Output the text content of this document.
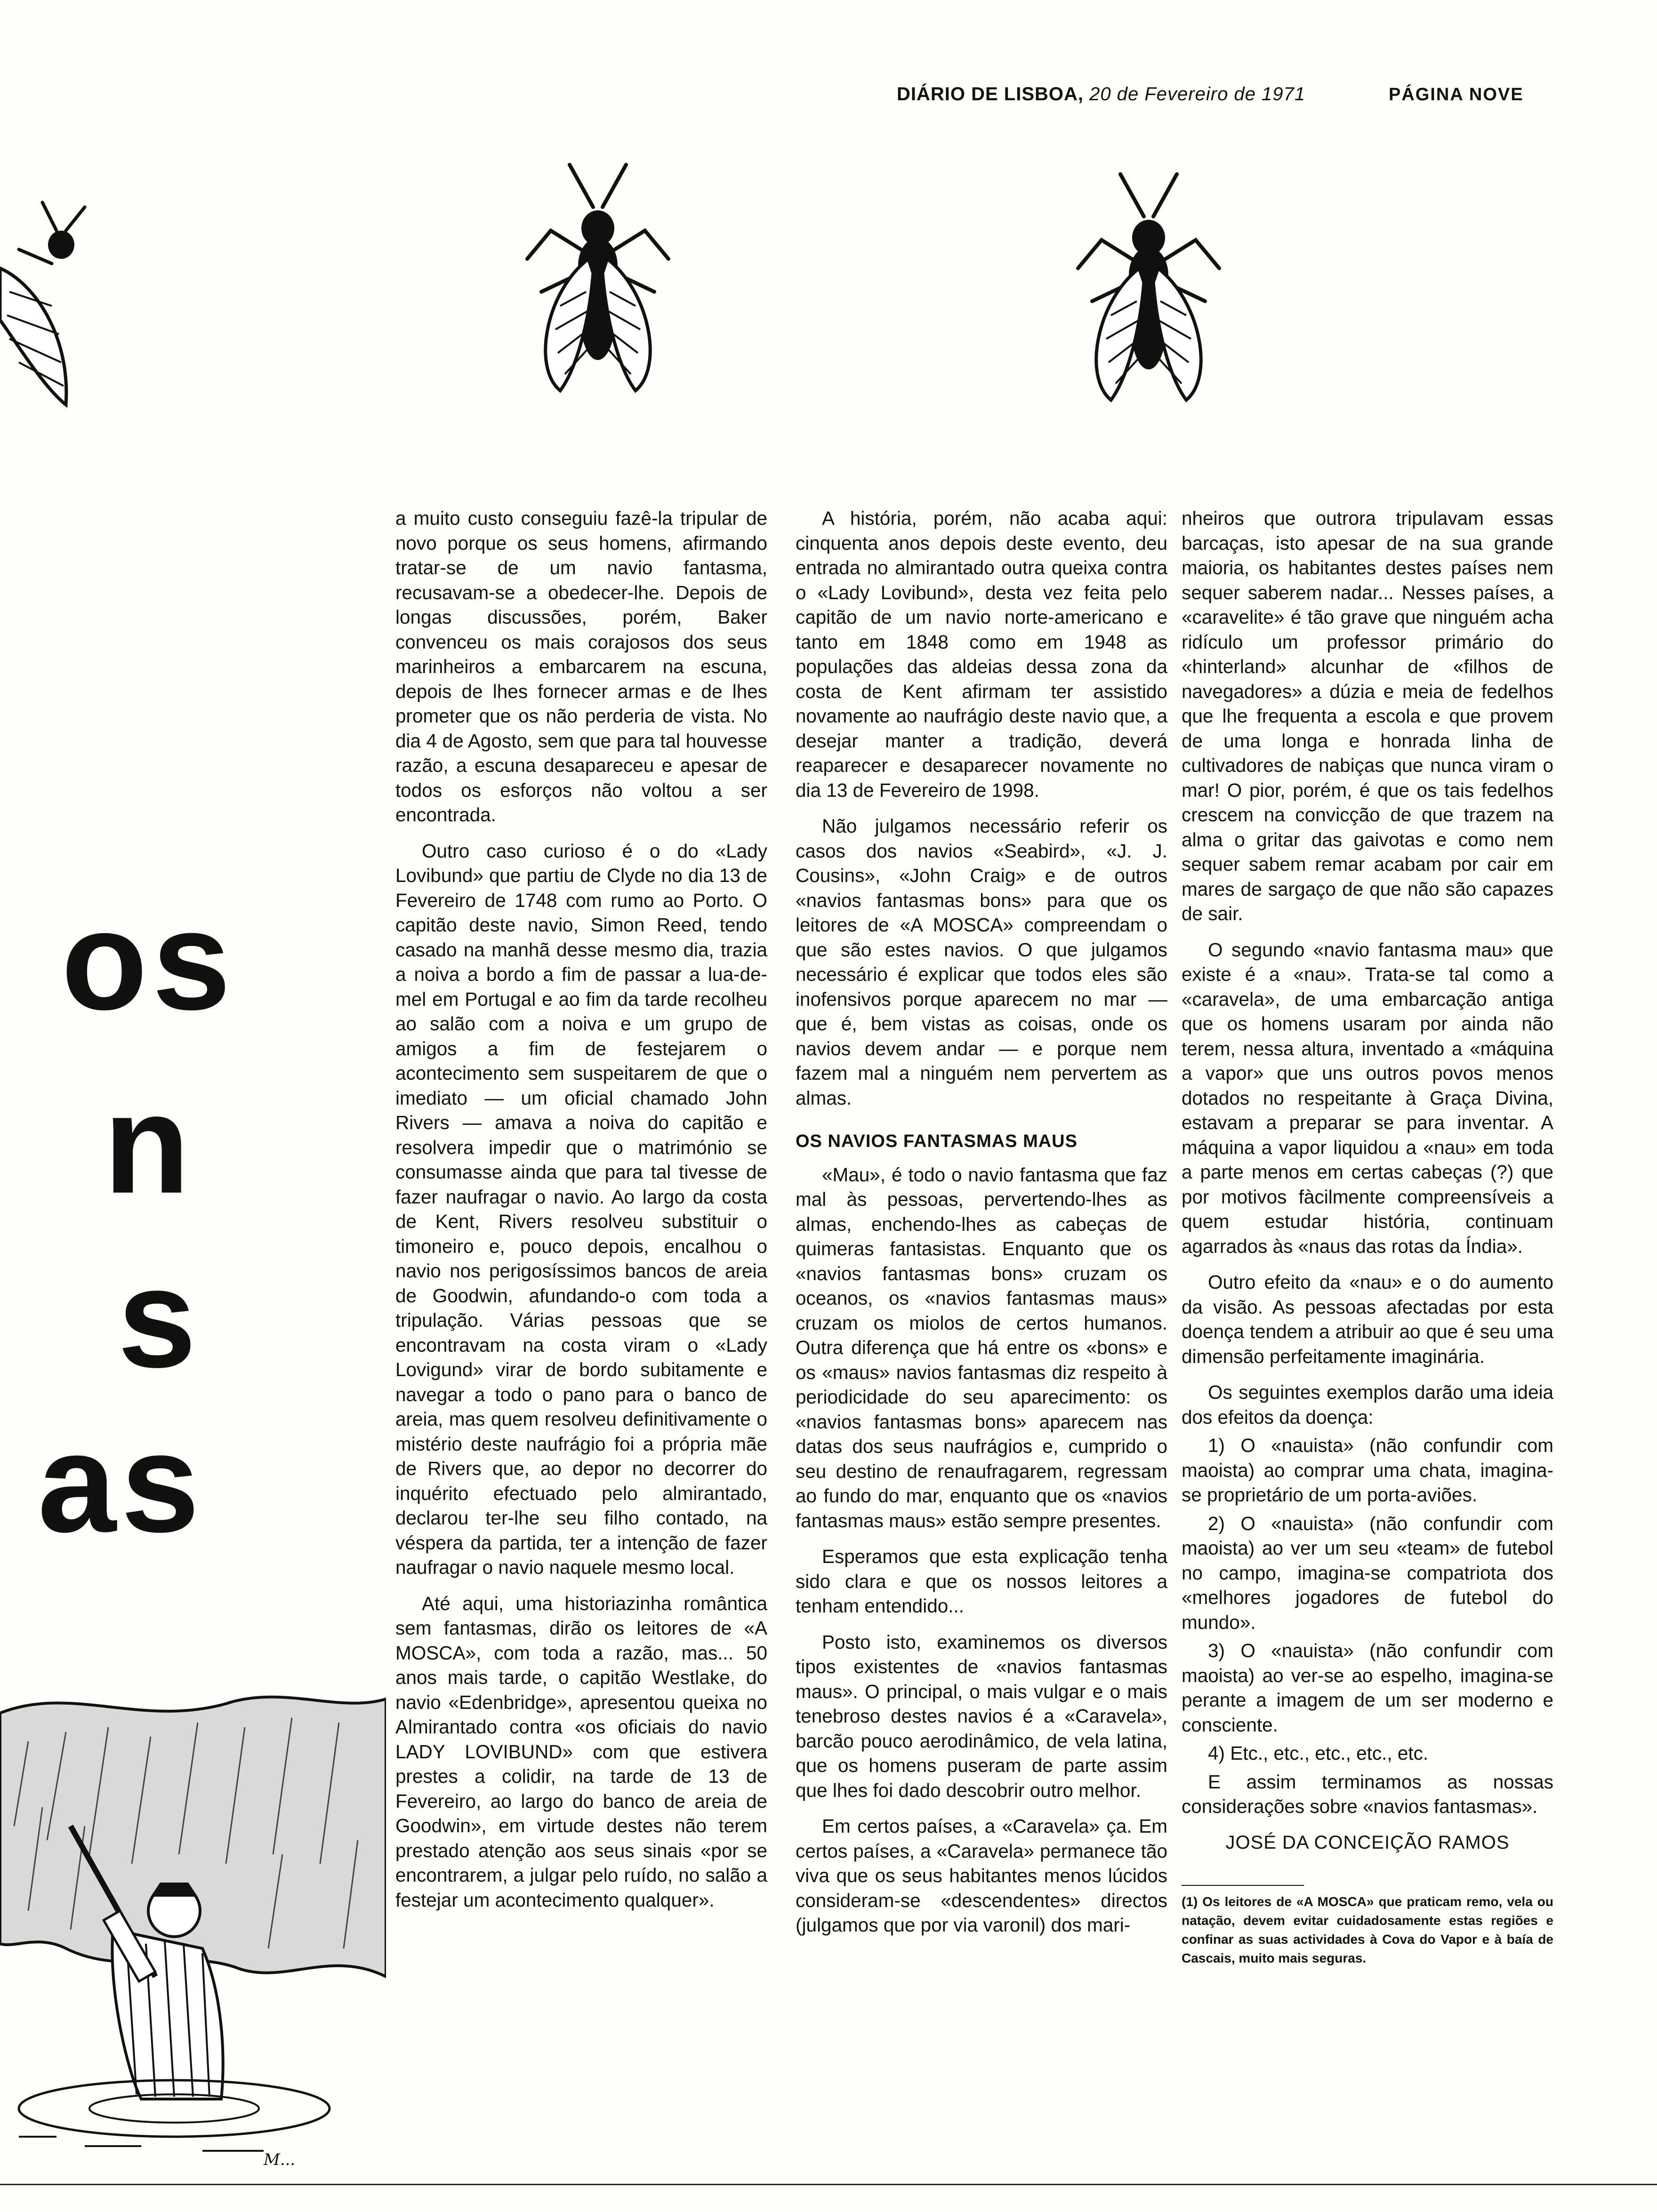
DIÁRIO DE LISBOA, 20 de Fevereiro de 1971	PÁGINA NOVE
os
n
s
as

a muito custo conseguiu fazê-la tripular de novo porque os seus homens, afirmando tratar-se de um navio fantasma, recusavam-se a obedecer-lhe. Depois de longas discussões, porém, Baker convenceu os mais corajosos dos seus marinheiros a embarcarem na escuna, depois de lhes fornecer armas e de lhes prometer que os não perderia de vista. No dia 4 de Agosto, sem que para tal houvesse razão, a escuna desapareceu e apesar de todos os esforços não voltou a ser encontrada.

Outro caso curioso é o do «Lady Lovibund» que partiu de Clyde no dia 13 de Fevereiro de 1748 com rumo ao Porto. O capitão deste navio, Simon Reed, tendo casado na manhã desse mesmo dia, trazia a noiva a bordo a fim de passar a lua-de-mel em Portugal e ao fim da tarde recolheu ao salão com a noiva e um grupo de amigos a fim de festejarem o acontecimento sem suspeitarem de que o imediato — um oficial chamado John Rivers — amava a noiva do capitão e resolvera impedir que o matrimónio se consumasse ainda que para tal tivesse de fazer naufragar o navio. Ao largo da costa de Kent, Rivers resolveu substituir o timoneiro e, pouco depois, encalhou o navio nos perigosíssimos bancos de areia de Goodwin, afundando-o com toda a tripulação. Várias pessoas que se encontravam na costa viram o «Lady Lovigund» virar de bordo subitamente e navegar a todo o pano para o banco de areia, mas quem resolveu definitivamente o mistério deste naufrágio foi a própria mãe de Rivers que, ao depor no decorrer do inquérito efectuado pelo almirantado, declarou ter-lhe seu filho contado, na véspera da partida, ter a intenção de fazer naufragar o navio naquele mesmo local.

Até aqui, uma historiazinha romântica sem fantasmas, dirão os leitores de «A MOSCA», com toda a razão, mas... 50 anos mais tarde, o capitão Westlake, do navio «Edenbridge», apresentou queixa no Almirantado contra «os oficiais do navio LADY LOVIBUND» com que estivera prestes a colidir, na tarde de 13 de Fevereiro, ao largo do banco de areia de Goodwin», em virtude destes não terem prestado atenção aos seus sinais «por se encontrarem, a julgar pelo ruído, no salão a festejar um acontecimento qualquer».

A história, porém, não acaba aqui: cinquenta anos depois deste evento, deu entrada no almirantado outra queixa contra o «Lady Lovibund», desta vez feita pelo capitão de um navio norte-americano e tanto em 1848 como em 1948 as populações das aldeias dessa zona da costa de Kent afirmam ter assistido novamente ao naufrágio deste navio que, a desejar manter a tradição, deverá reaparecer e desaparecer novamente no dia 13 de Fevereiro de 1998.

Não julgamos necessário referir os casos dos navios «Seabird», «J. J. Cousins», «John Craig» e de outros «navios fantasmas bons» para que os leitores de «A MOSCA» compreendam o que são estes navios. O que julgamos necessário é explicar que todos eles são inofensivos porque aparecem no mar — que é, bem vistas as coisas, onde os navios devem andar — e porque nem fazem mal a ninguém nem pervertem as almas.

OS NAVIOS FANTASMAS MAUS

«Mau», é todo o navio fantasma que faz mal às pessoas, pervertendo-lhes as almas, enchendo-lhes as cabeças de quimeras fantasistas. Enquanto que os «navios fantasmas bons» cruzam os oceanos, os «navios fantasmas maus» cruzam os miolos de certos humanos. Outra diferença que há entre os «bons» e os «maus» navios fantasmas diz respeito à periodicidade do seu aparecimento: os «navios fantasmas bons» aparecem nas datas dos seus naufrágios e, cumprido o seu destino de renaufragarem, regressam ao fundo do mar, enquanto que os «navios fantasmas maus» estão sempre presentes.

Esperamos que esta explicação tenha sido clara e que os nossos leitores a tenham entendido...

Posto isto, examinemos os diversos tipos existentes de «navios fantasmas maus». O principal, o mais vulgar e o mais tenebroso destes navios é a «Caravela», barcão pouco aerodinâmico, de vela latina, que os homens puseram de parte assim que lhes foi dado descobrir outro melhor.

Em certos países, a «Caravela» ça. Em certos países, a «Caravela» permanece tão viva que os seus habitantes menos lúcidos consideram-se «descendentes» directos (julgamos que por via varonil) dos mari-

nheiros que outrora tripulavam essas barcaças, isto apesar de na sua grande maioria, os habitantes destes países nem sequer saberem nadar... Nesses países, a «caravelite» é tão grave que ninguém acha ridículo um professor primário do «hinterland» alcunhar de «filhos de navegadores» a dúzia e meia de fedelhos que lhe frequenta a escola e que provem de uma longa e honrada linha de cultivadores de nabiças que nunca viram o mar! O pior, porém, é que os tais fedelhos crescem na convicção de que trazem na alma o gritar das gaivotas e como nem sequer sabem remar acabam por cair em mares de sargaço de que não são capazes de sair.

O segundo «navio fantasma mau» que existe é a «nau». Trata-se tal como a «caravela», de uma embarcação antiga que os homens usaram por ainda não terem, nessa altura, inventado a «máquina a vapor» que uns outros povos menos dotados no respeitante à Graça Divina, estavam a preparar se para inventar. A máquina a vapor liquidou a «nau» em toda a parte menos em certas cabeças (?) que por motivos fàcilmente compreensíveis a quem estudar história, continuam agarrados às «naus das rotas da Índia».

Outro efeito da «nau» e o do aumento da visão. As pessoas afectadas por esta doença tendem a atribuir ao que é seu uma dimensão perfeitamente imaginária.

Os seguintes exemplos darão uma ideia dos efeitos da doença:

1) O «nauista» (não confundir com maoista) ao comprar uma chata, imagina-se proprietário de um porta-aviões.

2) O «nauista» (não confundir com maoista) ao ver um seu «team» de futebol no campo, imagina-se compatriota dos «melhores jogadores de futebol do mundo».

3) O «nauista» (não confundir com maoista) ao ver-se ao espelho, imagina-se perante a imagem de um ser moderno e consciente.

4) Etc., etc., etc., etc., etc.

E assim terminamos as nossas considerações sobre «navios fantasmas».

JOSÉ DA CONCEIÇÃO RAMOS
(1) Os leitores de «A MOSCA» que praticam remo, vela ou natação, devem evitar cuidadosamente estas regiões e confinar as suas actividades à Cova do Vapor e à baía de Cascais, muito mais seguras.
M...
